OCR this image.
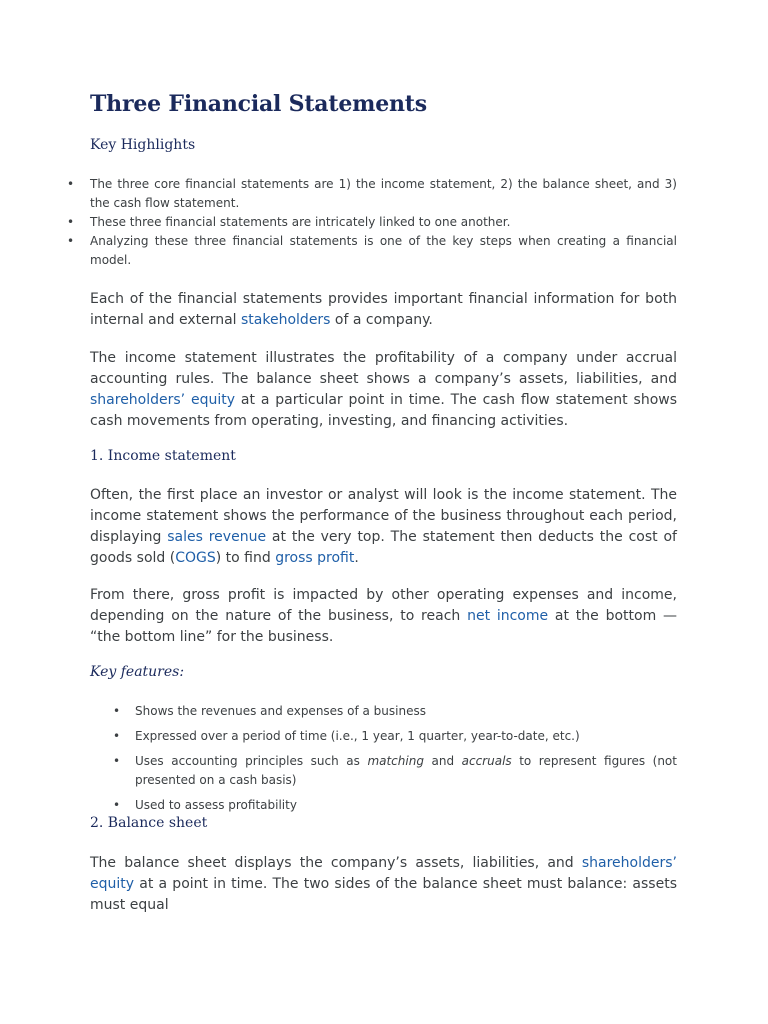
Three Financial Statements
Key Highlights
• The three core financial statements are 1) the income statement, 2) the balance sheet, and 3) the cash flow statement.
• These three financial statements are intricately linked to one another.
• Analyzing these three financial statements is one of the key steps when creating a financial model.

Each of the financial statements provides important financial information for both internal and external stakeholders of a company.

The income statement illustrates the profitability of a company under accrual accounting rules. The balance sheet shows a company’s assets, liabilities, and shareholders’ equity at a particular point in time. The cash flow statement shows cash movements from operating, investing, and financing activities.

1. Income statement

Often, the first place an investor or analyst will look is the income statement. The income statement shows the performance of the business throughout each period, displaying sales revenue at the very top. The statement then deducts the cost of goods sold (COGS) to find gross profit.

From there, gross profit is impacted by other operating expenses and income, depending on the nature of the business, to reach net income at the bottom — “the bottom line” for the business.

Key features:
• Shows the revenues and expenses of a business
• Expressed over a period of time (i.e., 1 year, 1 quarter, year-to-date, etc.)
• Uses accounting principles such as matching and accruals to represent figures (not presented on a cash basis)
• Used to assess profitability
2. Balance sheet

The balance sheet displays the company’s assets, liabilities, and shareholders’ equity at a point in time. The two sides of the balance sheet must balance: assets must equal
